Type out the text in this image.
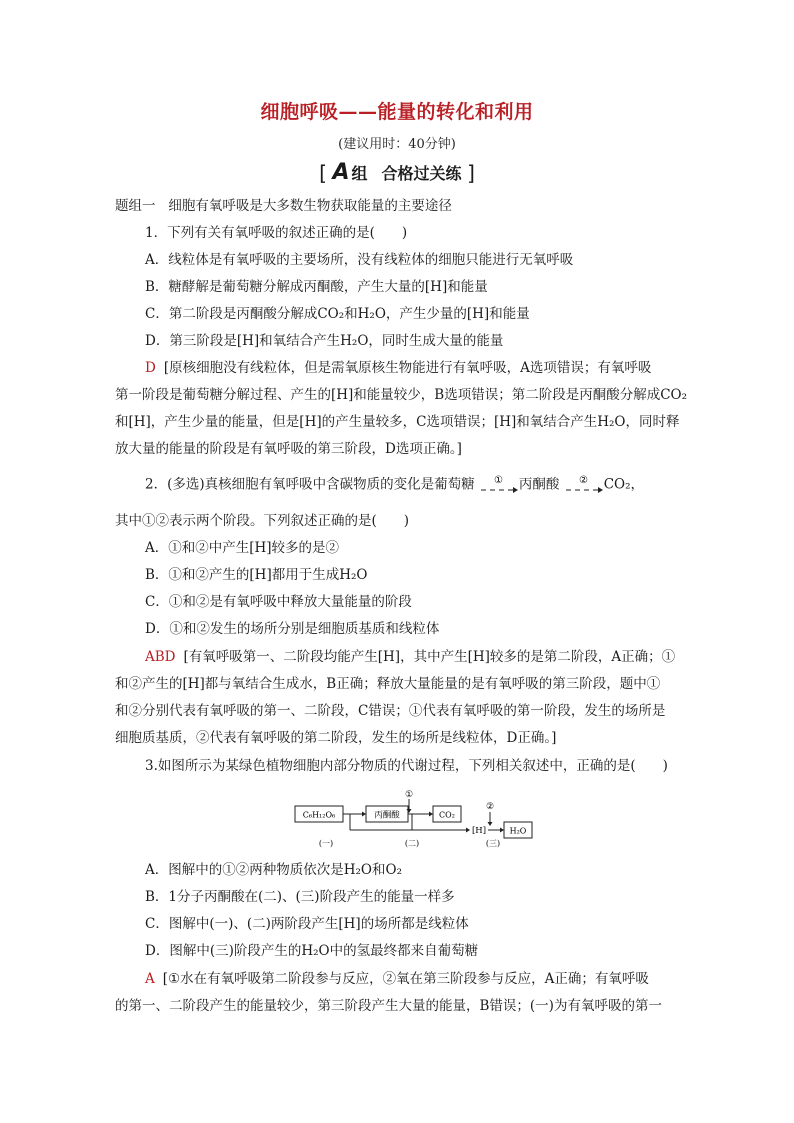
细胞呼吸——能量的转化和利用
(建议用时：40分钟)
[ A 组 合格过关练 ]
题组一 细胞有氧呼吸是大多数生物获取能量的主要途径
1．下列有关有氧呼吸的叙述正确的是(　　)
A．线粒体是有氧呼吸的主要场所，没有线粒体的细胞只能进行无氧呼吸
B．糖酵解是葡萄糖分解成丙酮酸，产生大量的[H]和能量
C．第二阶段是丙酮酸分解成CO₂和H₂O，产生少量的[H]和能量
D．第三阶段是[H]和氧结合产生H₂O，同时生成大量的能量
D [原核细胞没有线粒体，但是需氧原核生物能进行有氧呼吸，A选项错误；有氧呼吸
第一阶段是葡萄糖分解过程、产生的[H]和能量较少，B选项错误；第二阶段是丙酮酸分解成CO₂
和[H]，产生少量的能量，但是[H]的产生量较多，C选项错误；[H]和氧结合产生H₂O，同时释
放大量的能量的阶段是有氧呼吸的第三阶段，D选项正确。]
2．(多选)真核细胞有氧呼吸中含碳物质的变化是葡萄糖 ① 丙酮酸 ② CO₂，
其中①②表示两个阶段。下列叙述正确的是(　　)
A．①和②中产生[H]较多的是②
B．①和②产生的[H]都用于生成H₂O
C．①和②是有氧呼吸中释放大量能量的阶段
D．①和②发生的场所分别是细胞质基质和线粒体
ABD [有氧呼吸第一、二阶段均能产生[H]，其中产生[H]较多的是第二阶段，A正确；①
和②产生的[H]都与氧结合生成水，B正确；释放大量能量的是有氧呼吸的第三阶段，题中①
和②分别代表有氧呼吸的第一、二阶段，C错误；①代表有氧呼吸的第一阶段，发生的场所是
细胞质基质，②代表有氧呼吸的第二阶段，发生的场所是线粒体，D正确。]
3.如图所示为某绿色植物细胞内部分物质的代谢过程，下列相关叙述中，正确的是(　　)
C₆H₁₂O₆	丙酮酸
①
CO₂
[H]
②
H₂O
(一)	(二)	(三)
A．图解中的①②两种物质依次是H₂O和O₂
B．1分子丙酮酸在(二)、(三)阶段产生的能量一样多
C．图解中(一)、(二)两阶段产生[H]的场所都是线粒体
D．图解中(三)阶段产生的H₂O中的氢最终都来自葡萄糖
A [①水在有氧呼吸第二阶段参与反应，②氧在第三阶段参与反应，A正确；有氧呼吸
的第一、二阶段产生的能量较少，第三阶段产生大量的能量，B错误；(一)为有氧呼吸的第一
